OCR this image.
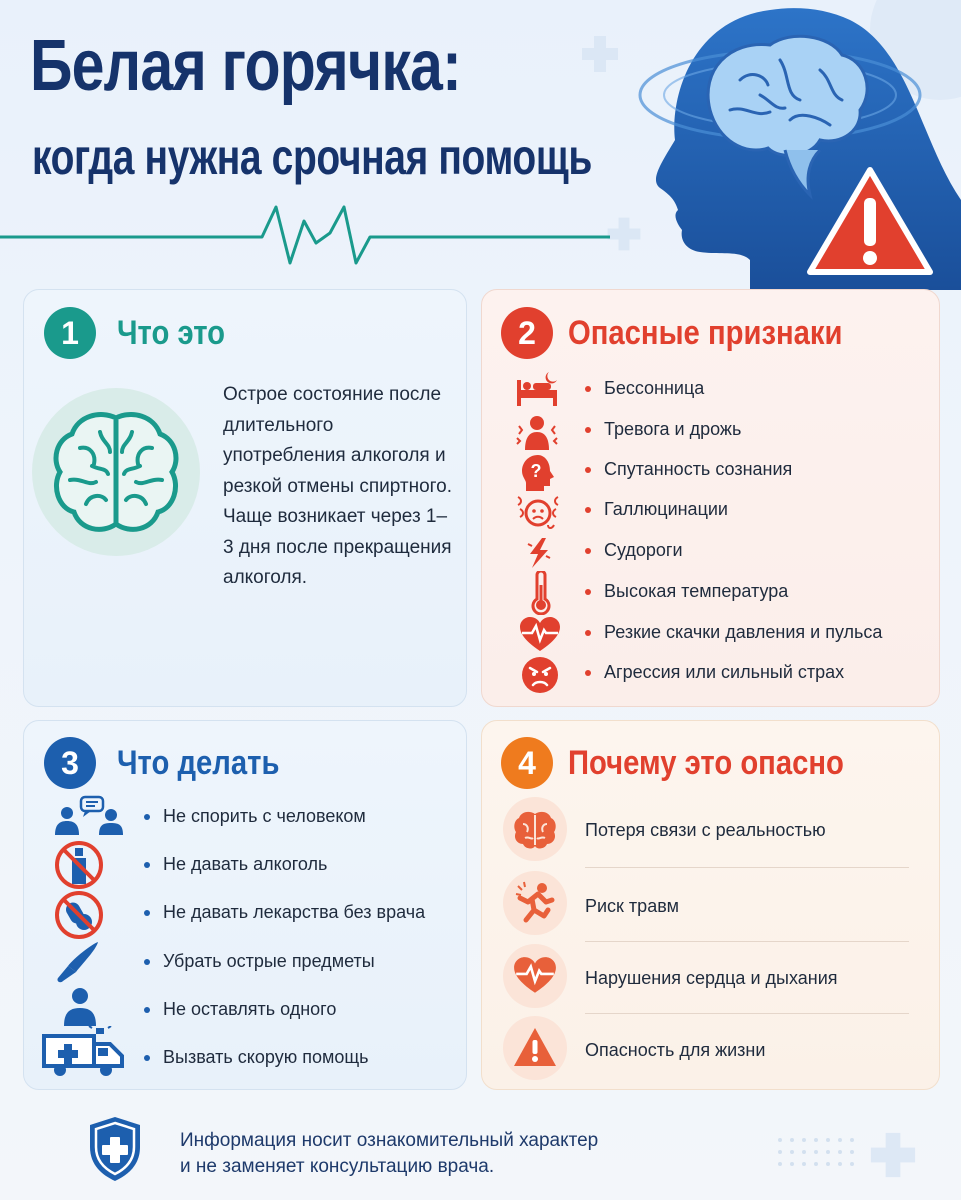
Белая горячка:
когда нужна срочная помощь
1	Что это
Острое состояние после длительного употребления алкоголя и резкой отмены спиртного. Чаще возникает через 1–3 дня после прекращения алкоголя.
2 Опасные признаки
?
Бессонница
Тревога и дрожь
Спутанность сознания
Галлюцинации
Судороги
Высокая температура
Резкие скачки давления и пульса
Агрессия или сильный страх
3	Что делать
Не спорить с человеком
Не давать алкоголь
Не давать лекарства без врача
Убрать острые предметы
Не оставлять одного
Вызвать скорую помощь
4 Почему это опасно
Потеря связи с реальностью
Риск травм
Нарушения сердца и дыхания
Опасность для жизни
Информация носит ознакомительный характер
и не заменяет консультацию врача.
